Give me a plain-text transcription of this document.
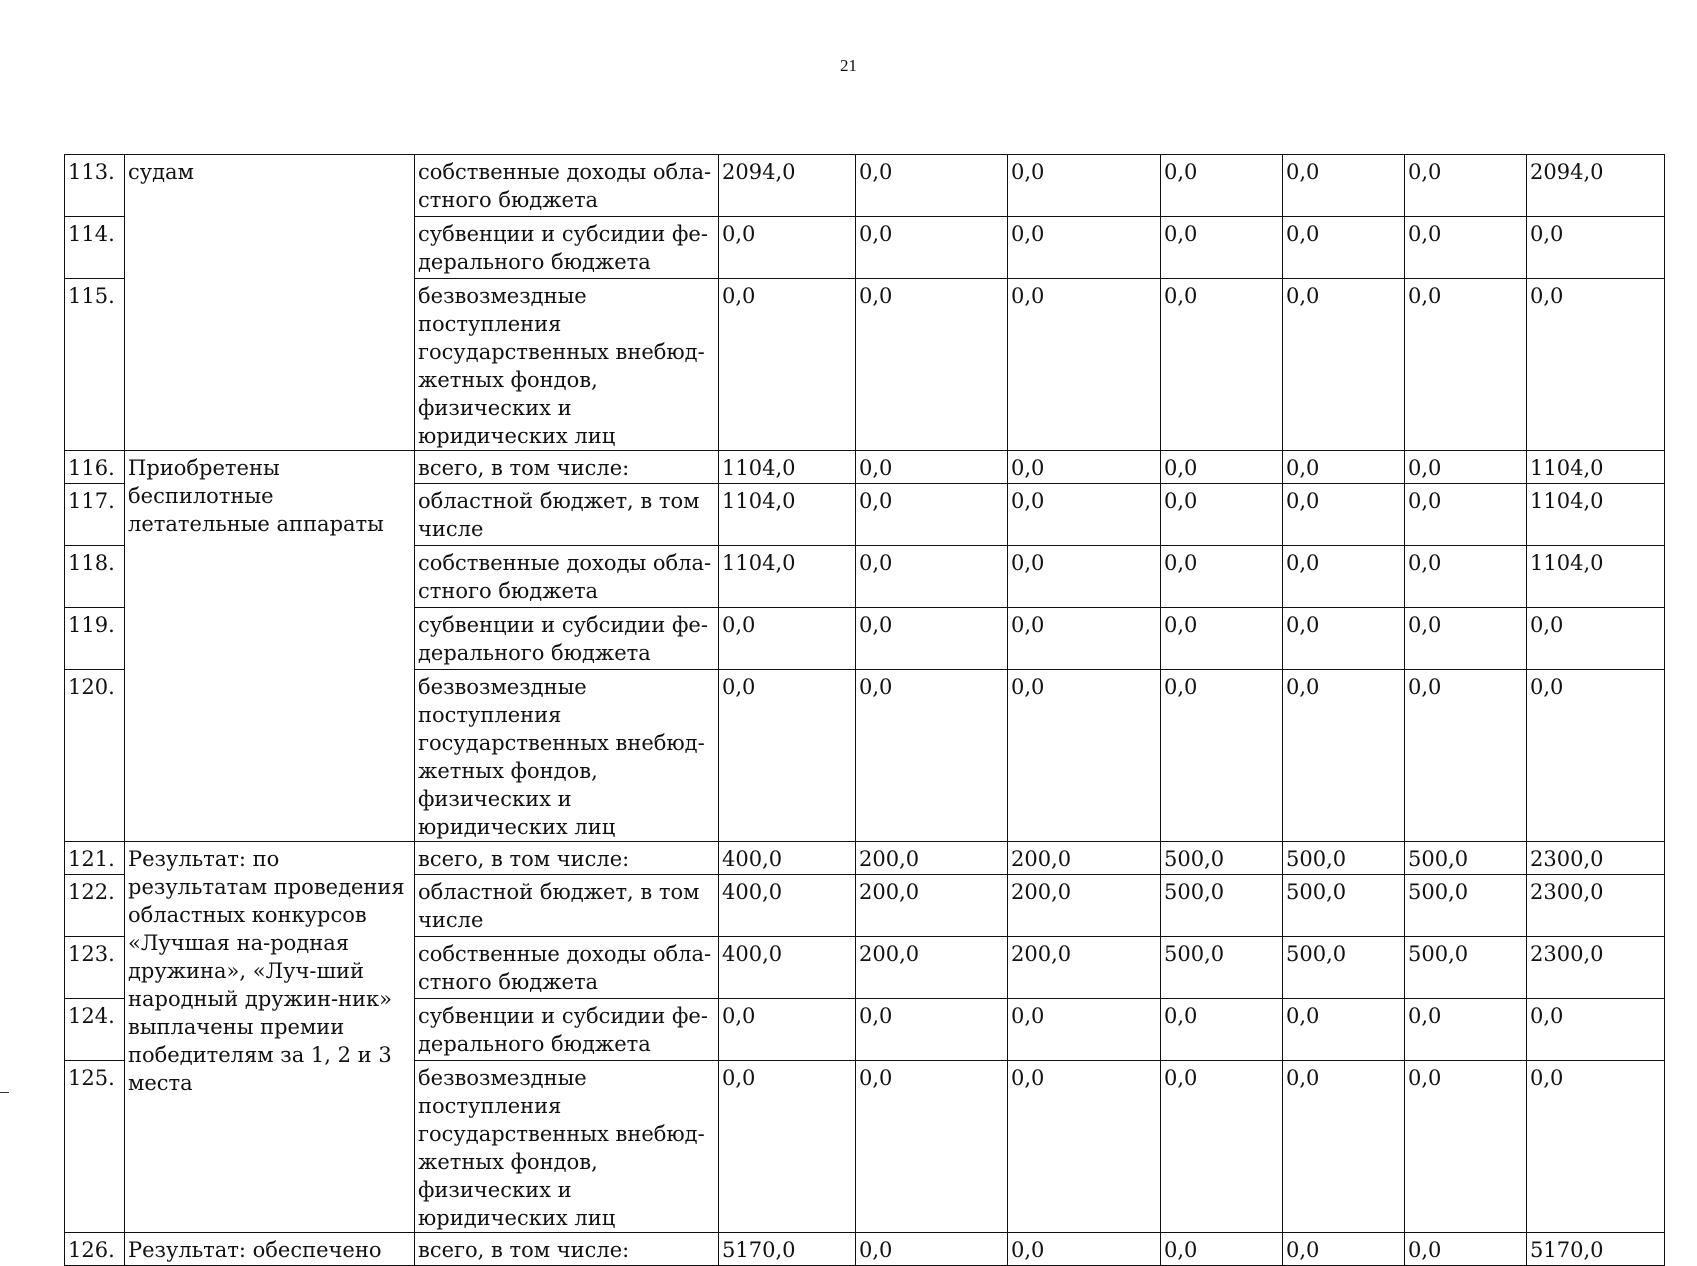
21
113.	судам	собственные доходы обла-стного бюджета	2094,0	0,0	0,0	0,0	0,0	0,0	2094,0
114.		субвенции и субсидии фе-дерального бюджета	0,0	0,0	0,0	0,0	0,0	0,0	0,0
115.		безвозмездные поступления государственных внебюд-жетных фондов, физических и юридических лиц	0,0	0,0	0,0	0,0	0,0	0,0	0,0
116.	Приобретены беспилотные летательные аппараты	всего, в том числе:	1104,0	0,0	0,0	0,0	0,0	0,0	1104,0
117.		областной бюджет, в том числе	1104,0	0,0	0,0	0,0	0,0	0,0	1104,0
118.		собственные доходы обла-стного бюджета	1104,0	0,0	0,0	0,0	0,0	0,0	1104,0
119.		субвенции и субсидии фе-дерального бюджета	0,0	0,0	0,0	0,0	0,0	0,0	0,0
120.		безвозмездные поступления государственных внебюд-жетных фондов, физических и юридических лиц	0,0	0,0	0,0	0,0	0,0	0,0	0,0
121.	Результат: по результатам проведения областных конкурсов «Лучшая на-родная дружина», «Луч-ший народный дружин-ник» выплачены премии победителям за 1, 2 и 3 места	всего, в том числе:	400,0	200,0	200,0	500,0	500,0	500,0	2300,0
122.		областной бюджет, в том числе	400,0	200,0	200,0	500,0	500,0	500,0	2300,0
123.		собственные доходы обла-стного бюджета	400,0	200,0	200,0	500,0	500,0	500,0	2300,0
124.		субвенции и субсидии фе-дерального бюджета	0,0	0,0	0,0	0,0	0,0	0,0	0,0
125.		безвозмездные поступления государственных внебюд-жетных фондов, физических и юридических лиц	0,0	0,0	0,0	0,0	0,0	0,0	0,0
126.	Результат: обеспечено	всего, в том числе:	5170,0	0,0	0,0	0,0	0,0	0,0	5170,0
